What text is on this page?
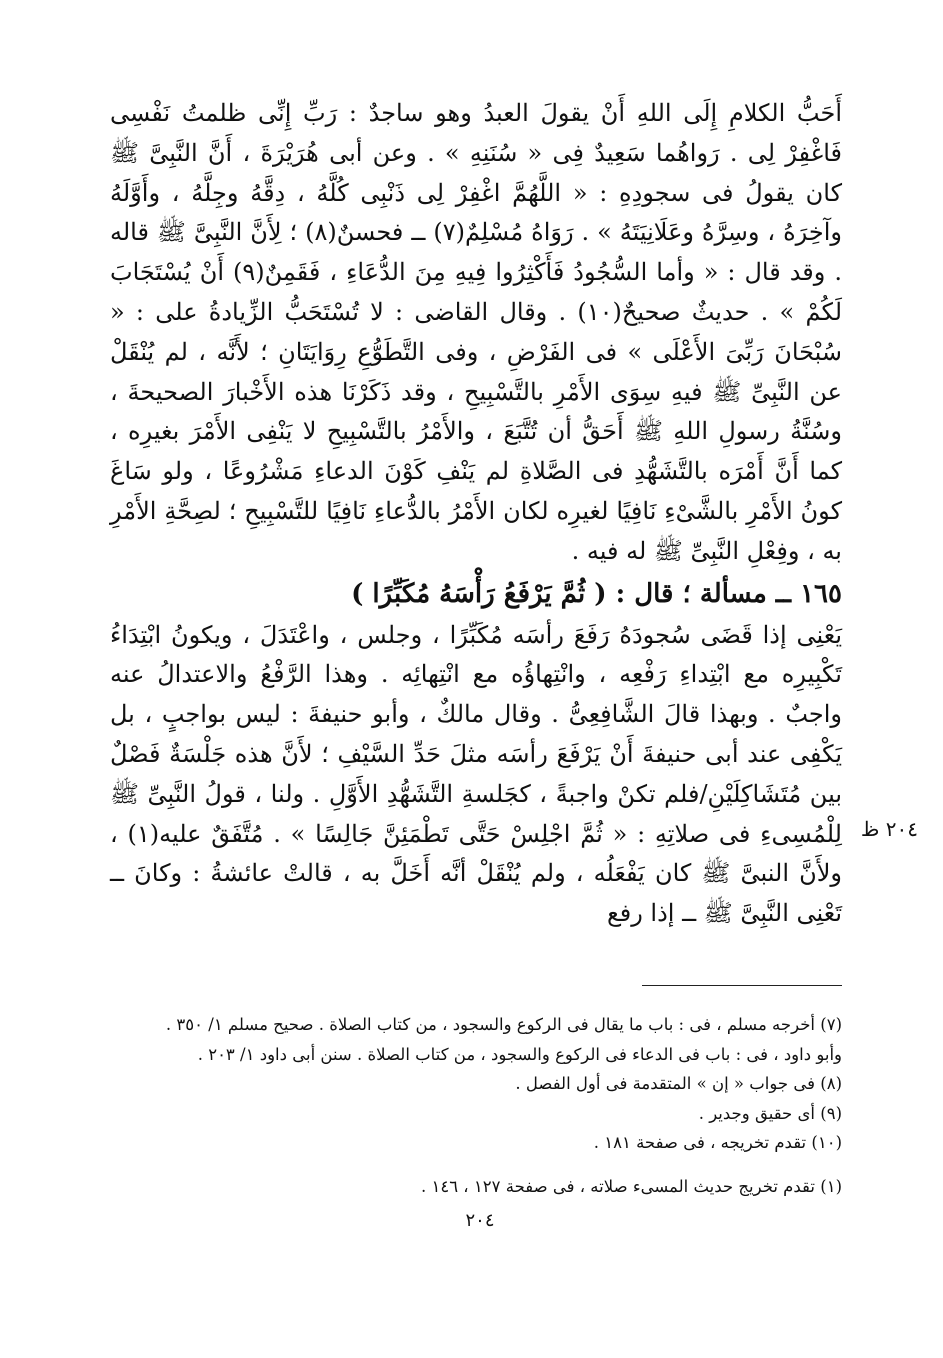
أَحَبُّ الكلامِ إِلَى اللهِ أَنْ يقولَ العبدُ وهو ساجدٌ : رَبِّ إِنِّى ظلمتُ نَفْسِى فَاغْفِرْ لِى . رَواهُما سَعِيدٌ فِى « سُنَنِهِ » . وعن أبى هُرَيْرَةَ ، أَنَّ النَّبِىَّ ﷺ كان يقولُ فى سجودِهِ : « اللَّهُمَّ اغْفِرْ لِى ذَنْبِى كُلَّهُ ، دِقَّهُ وجِلَّهُ ، وأَوَّلَهُ وآخِرَهُ ، وسِرَّهُ وعَلَانِيَتَهُ » . رَوَاهُ مُسْلِمٌ(٧) ــ فحسنٌ(٨) ؛ لِأَنَّ النَّبِىَّ ﷺ قاله . وقد قال : « وأما السُّجُودُ فَأَكْثِرُوا فِيهِ مِنَ الدُّعَاءِ ، فَقَمِنٌ(٩) أَنْ يُسْتَجَابَ لَكُمْ » . حديثٌ صحيحٌ(١٠) . وقال القاضى : لا تُسْتَحَبُّ الزِّيادةُ على : « سُبْحَانَ رَبِّىَ الأَعْلَى » فى الفَرْضِ ، وفى التَّطَوُّعِ رِوَايَتَانِ ؛ لأَنَّه ، لم يُنْقَلْ عن النَّبِىِّ ﷺ فيهِ سِوَى الأَمْرِ بالتَّسْبِيحِ ، وقد ذَكَرْنَا هذه الأَخْبارَ الصحيحةَ ، وسُنَّةُ رسولِ اللهِ ﷺ أَحَقُّ أن تُتَّبَعَ ، والأَمْرُ بالتَّسْبِيحِ لا يَنْفِى الأَمْرَ بغيرِه ، كما أَنَّ أَمْرَه بالتَّشَهُّدِ فى الصَّلاةِ لم يَنْفِ كَوْنَ الدعاءِ مَشْرُوعًا ، ولو سَاغَ كونُ الأَمْرِ بالشَّىْءِ نَافِيًا لغيرِه لكان الأَمْرُ بالدُّعاءِ نَافِيًا للتَّسْبِيحِ ؛ لصِحَّةِ الأَمْرِ به ، وفِعْلِ النَّبِىِّ ﷺ له فيه .

١٦٥ ــ مسألة ؛ قال : ( ثُمَّ يَرْفَعُ رَأْسَهُ مُكَبِّرًا )

يَعْنِى إذا قَضَى سُجودَهُ رَفَعَ رأسَه مُكَبِّرًا ، وجلس ، واعْتَدَلَ ، ويكونُ ابْتِدَاءُ تَكْبِيرِه مع ابْتِداءِ رَفْعِه ، وانْتِهاؤُه مع انْتِهائِه . وهذا الرَّفْعُ والاعتدالُ عنه واجبٌ . وبهذا قالَ الشَّافِعِىُّ . وقال مالكٌ ، وأبو حنيفةَ : ليس بواجبٍ ، بل يَكْفِى عند أبى حنيفةَ أَنْ يَرْفَعَ رأسَه مثلَ حَدِّ السَّيْفِ ؛ لأَنَّ هذه جَلْسَةٌ فَصْلٌ بين مُتَشَاكِلَيْنِ/فلم تكنْ واجبةً ، كجَلسةِ التَّشَهُّدِ الأَوَّلِ . ولنا ، قولُ النَّبِىِّ ﷺ لِلْمُسِىءِ فى صلاتِهِ : « ثُمَّ اجْلِسْ حَتَّى تَطْمَئِنَّ جَالِسًا » . مُتَّفَقٌ عليه(١) ، ولأَنَّ النبىَّ ﷺ كان يَفْعَلُه ، ولم يُنْقَلْ أنَّه أَخَلَّ به ، قالتْ عائشةُ : وكانَ ــ تَعْنِى النَّبِىَّ ﷺ ــ إذا رفع

٢٠٤ ظ

(٧) أخرجه مسلم ، فى : باب ما يقال فى الركوع والسجود ، من كتاب الصلاة . صحيح مسلم ١/ ٣٥٠ .

وأبو داود ، فى : باب فى الدعاء فى الركوع والسجود ، من كتاب الصلاة . سنن أبى داود ١/ ٢٠٣ .

(٨) فى جواب « إن » المتقدمة فى أول الفصل .

(٩) أى حقيق وجدير .

(١٠) تقدم تخريجه ، فى صفحة ١٨١ .

(١) تقدم تخريج حديث المسىء صلاته ، فى صفحة ١٢٧ ، ١٤٦ .

٢٠٤
